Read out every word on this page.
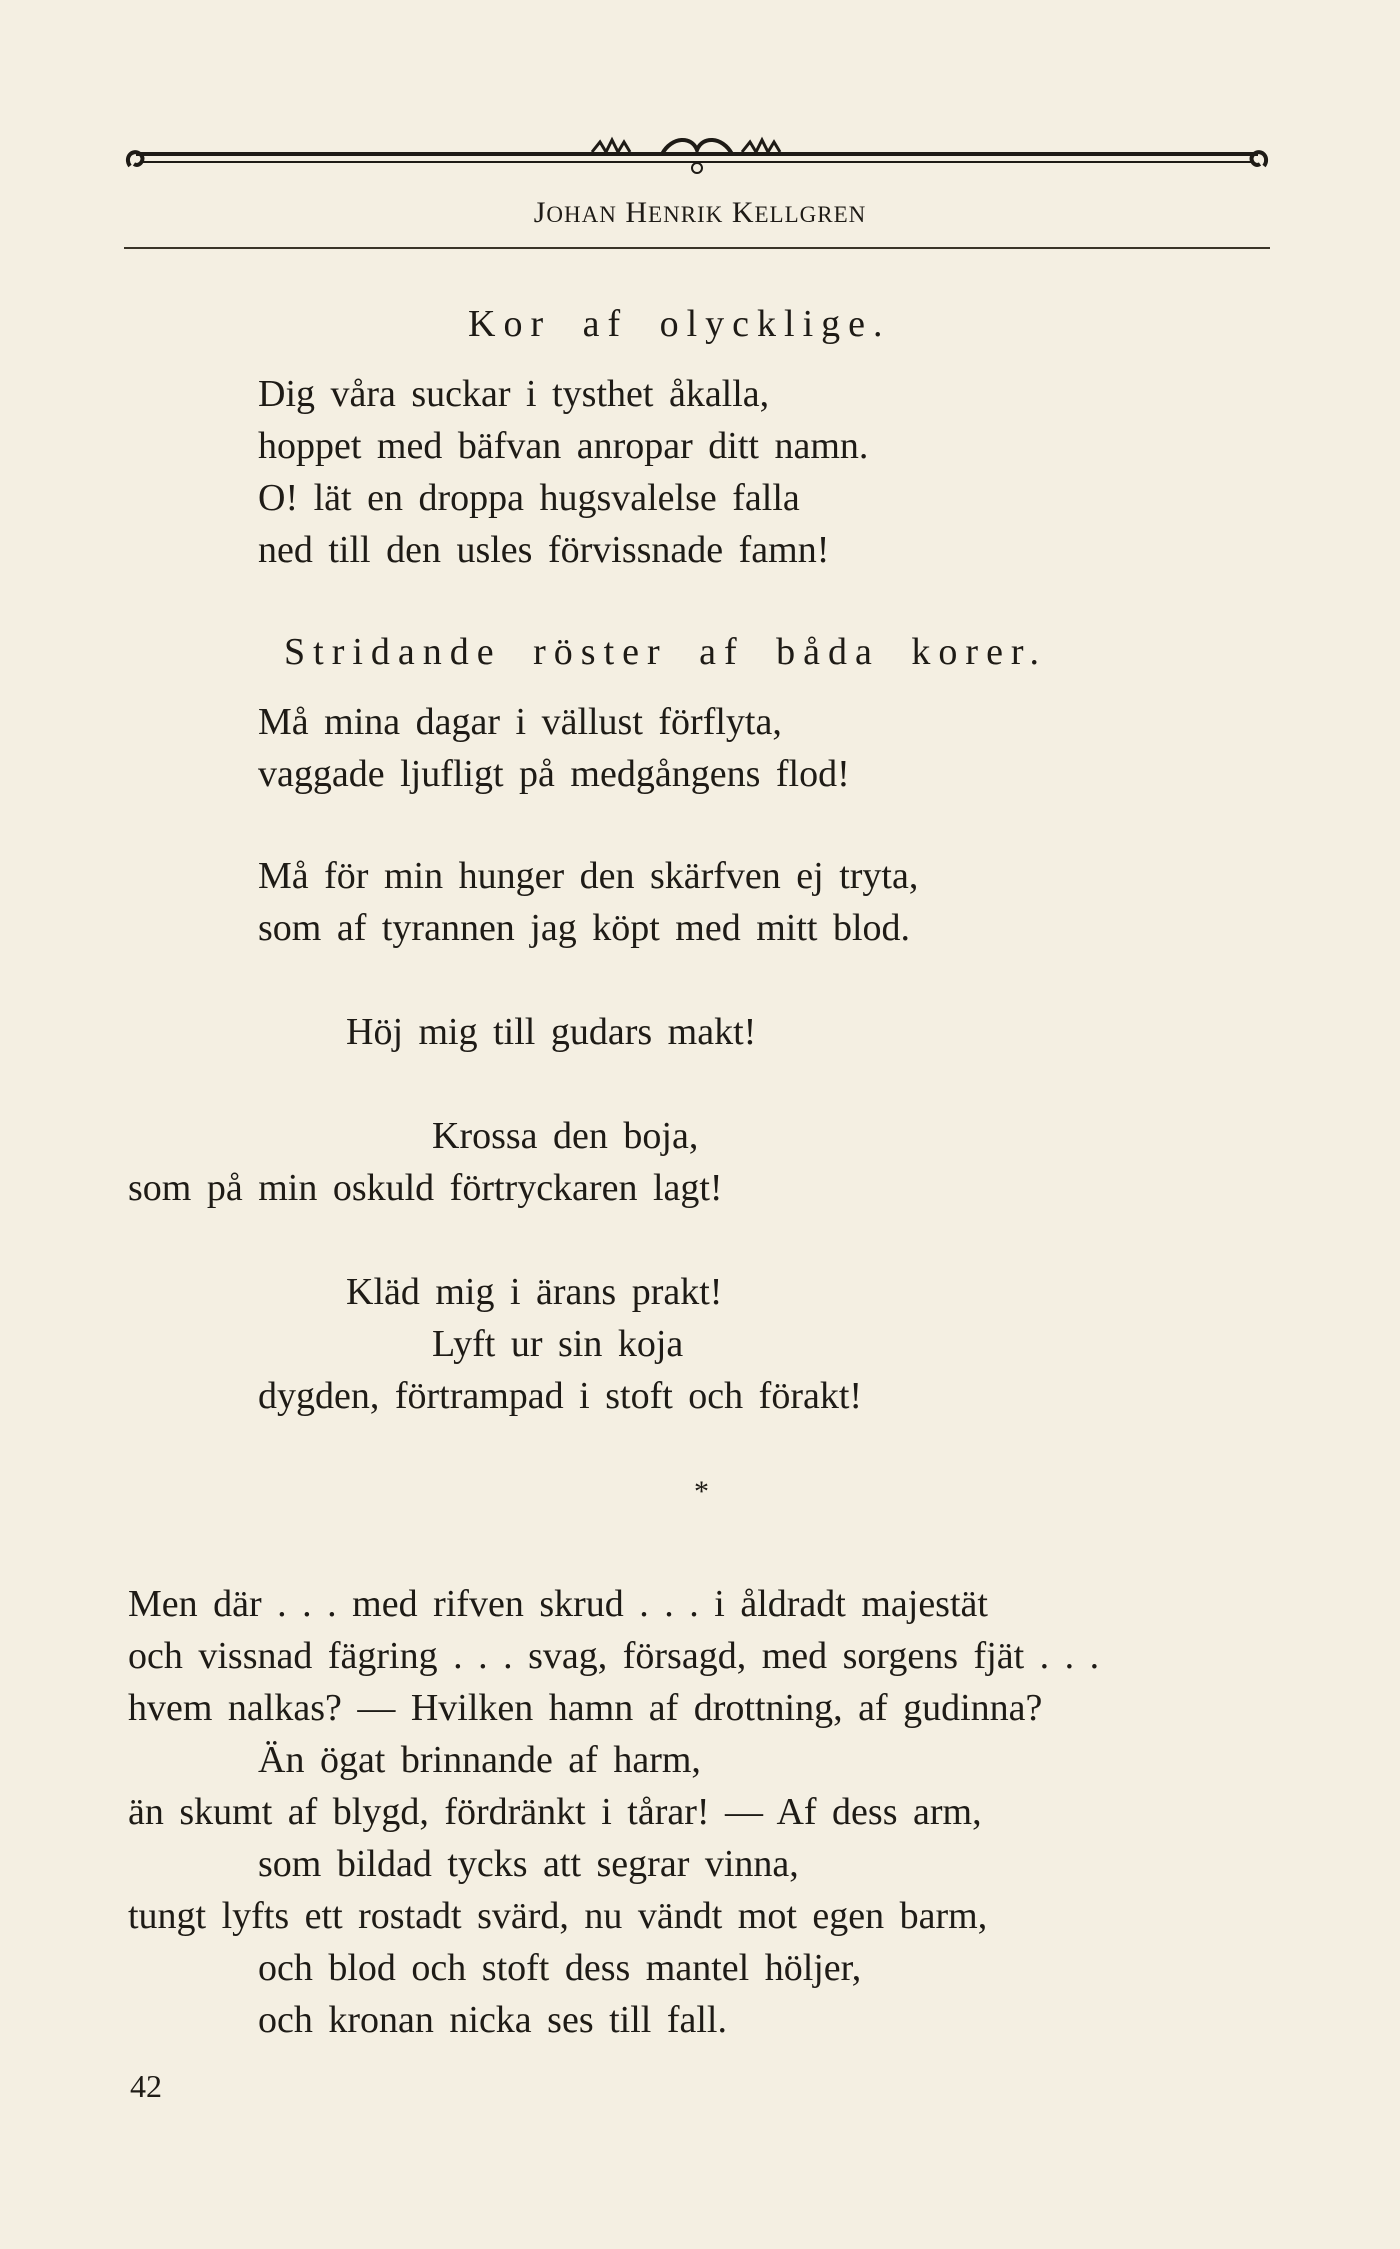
JOHAN HENRIK KELLGREN
Kor af olycklige.
Dig våra suckar i tysthet åkalla,
hoppet med bäfvan anropar ditt namn.
O! lät en droppa hugsvalelse falla
ned till den usles förvissnade famn!
Stridande röster af båda korer.
Må mina dagar i vällust förflyta,
vaggade ljufligt på medgångens flod!
Må för min hunger den skärfven ej tryta,
som af tyrannen jag köpt med mitt blod.
Höj mig till gudars makt!
Krossa den boja,
som på min oskuld förtryckaren lagt!
Kläd mig i ärans prakt!
Lyft ur sin koja
dygden, förtrampad i stoft och förakt!
*
Men där . . . med rifven skrud . . . i åldradt majestät
och vissnad fägring . . . svag, försagd, med sorgens fjät . . .
hvem nalkas? — Hvilken hamn af drottning, af gudinna?
Än ögat brinnande af harm,
än skumt af blygd, fördränkt i tårar! — Af dess arm,
som bildad tycks att segrar vinna,
tungt lyfts ett rostadt svärd, nu vändt mot egen barm,
och blod och stoft dess mantel höljer,
och kronan nicka ses till fall.
42
